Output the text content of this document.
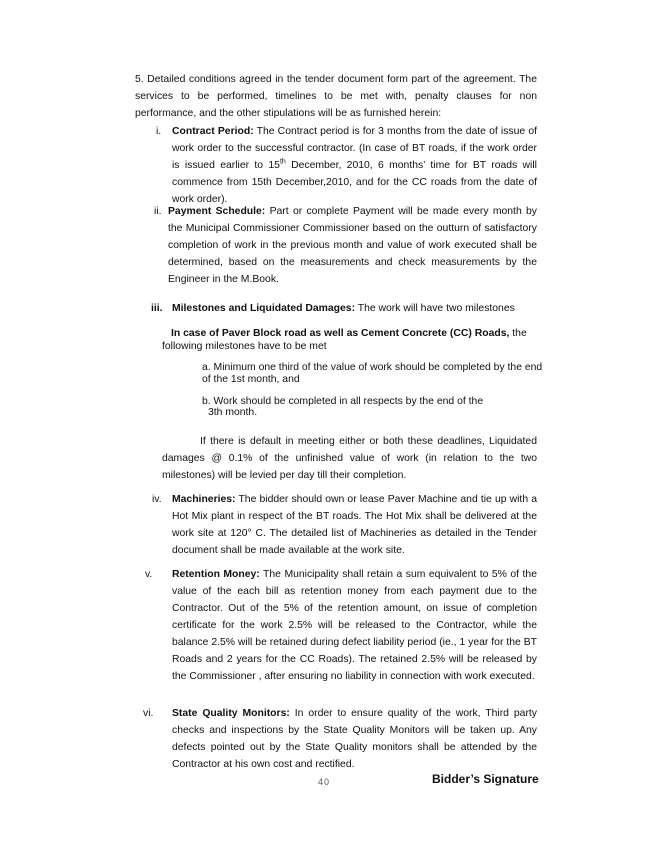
5. Detailed conditions agreed in the tender document form part of the agreement. The services to be performed, timelines to be met with, penalty clauses for non performance, and the other stipulations will be as furnished herein:
i. Contract Period: The Contract period is for 3 months from the date of issue of work order to the successful contractor. (In case of BT roads, if the work order is issued earlier to 15th December, 2010, 6 months’ time for BT roads will commence from 15th December,2010, and for the CC roads from the date of work order).
ii. Payment Schedule: Part or complete Payment will be made every month by the Municipal Commissioner Commissioner based on the outturn of satisfactory completion of work in the previous month and value of work executed shall be determined, based on the measurements and check measurements by the Engineer in the M.Book.
iii. Milestones and Liquidated Damages: The work will have two milestones
In case of Paver Block road as well as Cement Concrete (CC) Roads, the
following milestones have to be met
a. Minimum one third of the value of work should be completed by the end
of the 1st month, and
b. Work should be completed in all respects by the end of the
3th month.
If there is default in meeting either or both these deadlines, Liquidated damages @ 0.1% of the unfinished value of work (in relation to the two milestones) will be levied per day till their completion.
iv. Machineries: The bidder should own or lease Paver Machine and tie up with a Hot Mix plant in respect of the BT roads. The Hot Mix shall be delivered at the work site at 120° C. The detailed list of Machineries as detailed in the Tender document shall be made available at the work site.
v. Retention Money: The Municipality shall retain a sum equivalent to 5% of the value of the each bill as retention money from each payment due to the Contractor. Out of the 5% of the retention amount, on issue of completion certificate for the work 2.5% will be released to the Contractor, while the balance 2.5% will be retained during defect liability period (ie., 1 year for the BT Roads and 2 years for the CC Roads). The retained 2.5% will be released by the Commissioner , after ensuring no liability in connection with work executed.
vi. State Quality Monitors: In order to ensure quality of the work, Third party checks and inspections by the State Quality Monitors will be taken up. Any defects pointed out by the State Quality monitors shall be attended by the Contractor at his own cost and rectified.
40	Bidder’s Signature
